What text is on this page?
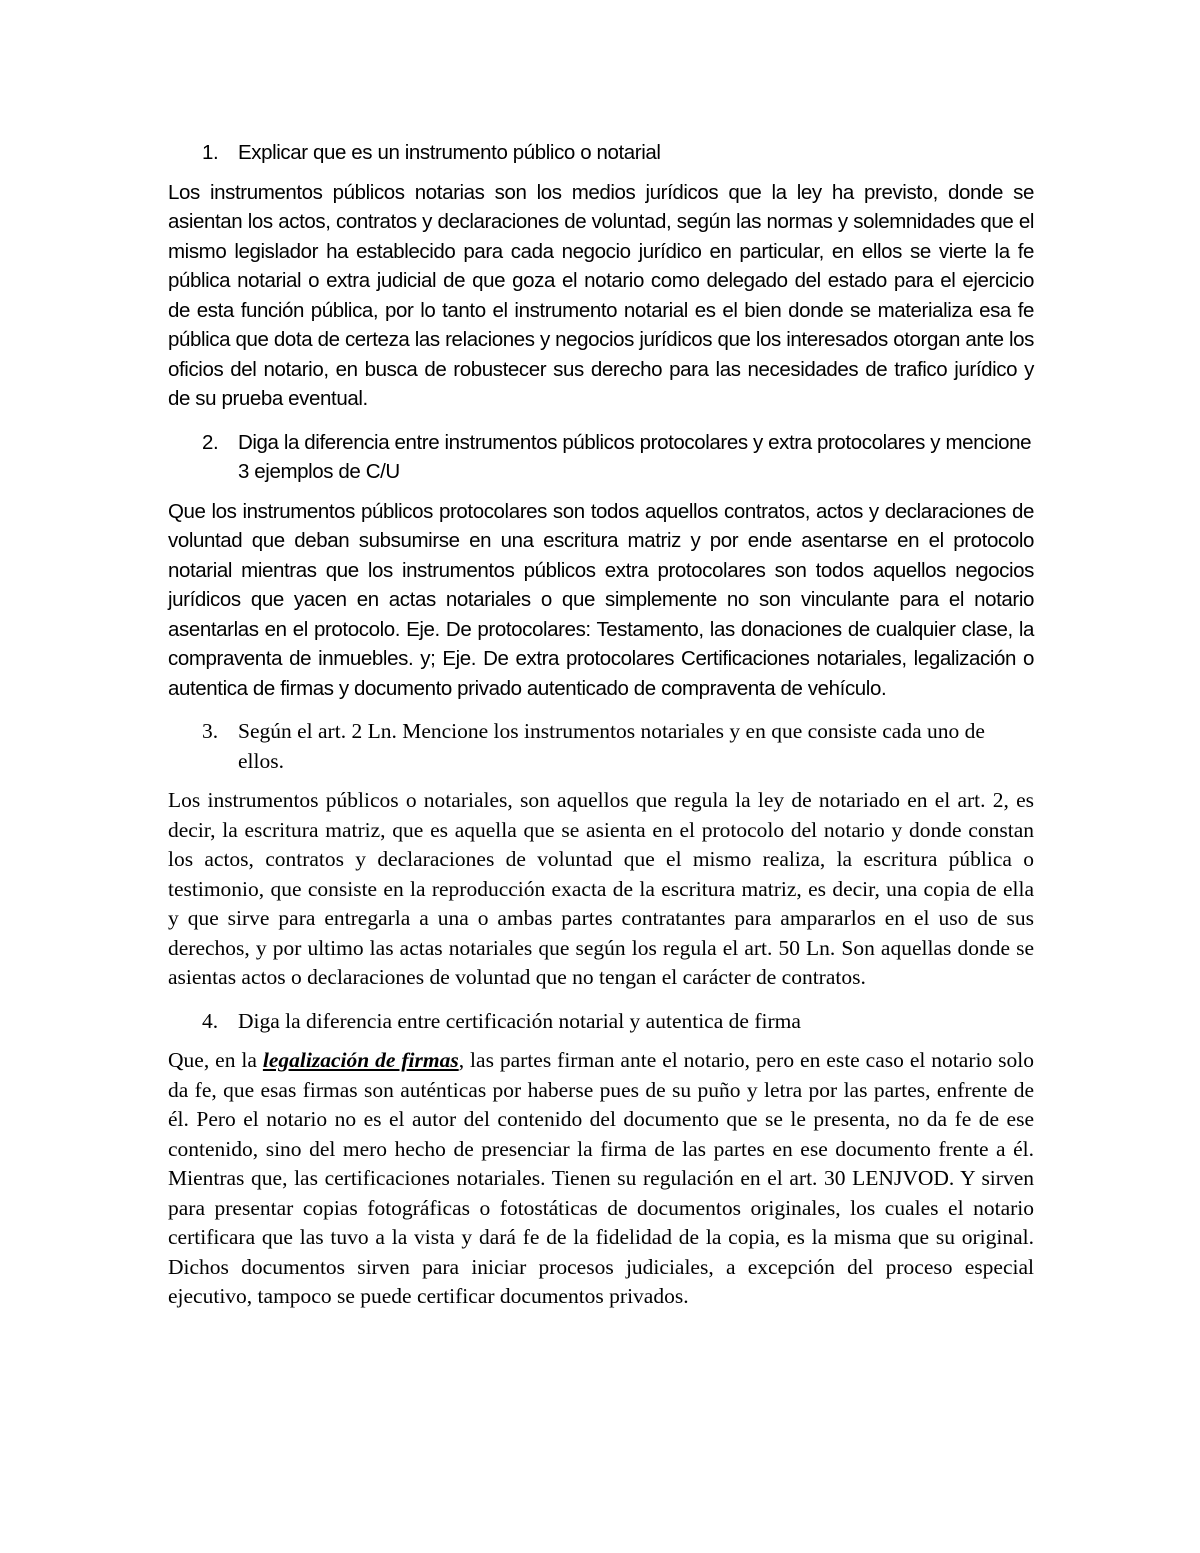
1. Explicar que es un instrumento público o notarial

Los instrumentos públicos notarias son los medios jurídicos que la ley ha previsto, donde se asientan los actos, contratos y declaraciones de voluntad, según las normas y solemnidades que el mismo legislador ha establecido para cada negocio jurídico en particular, en ellos se vierte la fe pública notarial o extra judicial de que goza el notario como delegado del estado para el ejercicio de esta función pública, por lo tanto el instrumento notarial es el bien donde se materializa esa fe pública que dota de certeza las relaciones y negocios jurídicos que los interesados otorgan ante los oficios del notario, en busca de robustecer sus derecho para las necesidades de trafico jurídico y de su prueba eventual.

2. Diga la diferencia entre instrumentos públicos protocolares y extra protocolares y mencione 3 ejemplos de C/U

Que los instrumentos públicos protocolares son todos aquellos contratos, actos y declaraciones de voluntad que deban subsumirse en una escritura matriz y por ende asentarse en el protocolo notarial mientras que los instrumentos públicos extra protocolares son todos aquellos negocios jurídicos que yacen en actas notariales o que simplemente no son vinculante para el notario asentarlas en el protocolo. Eje. De protocolares: Testamento, las donaciones de cualquier clase, la compraventa de inmuebles. y; Eje. De extra protocolares Certificaciones notariales, legalización o autentica de firmas y documento privado autenticado de compraventa de vehículo.

3. Según el art. 2 Ln. Mencione los instrumentos notariales y en que consiste cada uno de ellos.

Los instrumentos públicos o notariales, son aquellos que regula la ley de notariado en el art. 2, es decir, la escritura matriz, que es aquella que se asienta en el protocolo del notario y donde constan los actos, contratos y declaraciones de voluntad que el mismo realiza, la escritura pública o testimonio, que consiste en la reproducción exacta de la escritura matriz, es decir, una copia de ella y que sirve para entregarla a una o ambas partes contratantes para ampararlos en el uso de sus derechos, y por ultimo las actas notariales que según los regula el art. 50 Ln. Son aquellas donde se asientas actos o declaraciones de voluntad que no tengan el carácter de contratos.

4. Diga la diferencia entre certificación notarial y autentica de firma

Que, en la legalización de firmas, las partes firman ante el notario, pero en este caso el notario solo da fe, que esas firmas son auténticas por haberse pues de su puño y letra por las partes, enfrente de él. Pero el notario no es el autor del contenido del documento que se le presenta, no da fe de ese contenido, sino del mero hecho de presenciar la firma de las partes en ese documento frente a él. Mientras que, las certificaciones notariales. Tienen su regulación en el art. 30 LENJVOD. Y sirven para presentar copias fotográficas o fotostáticas de documentos originales, los cuales el notario certificara que las tuvo a la vista y dará fe de la fidelidad de la copia, es la misma que su original. Dichos documentos sirven para iniciar procesos judiciales, a excepción del proceso especial ejecutivo, tampoco se puede certificar documentos privados.
